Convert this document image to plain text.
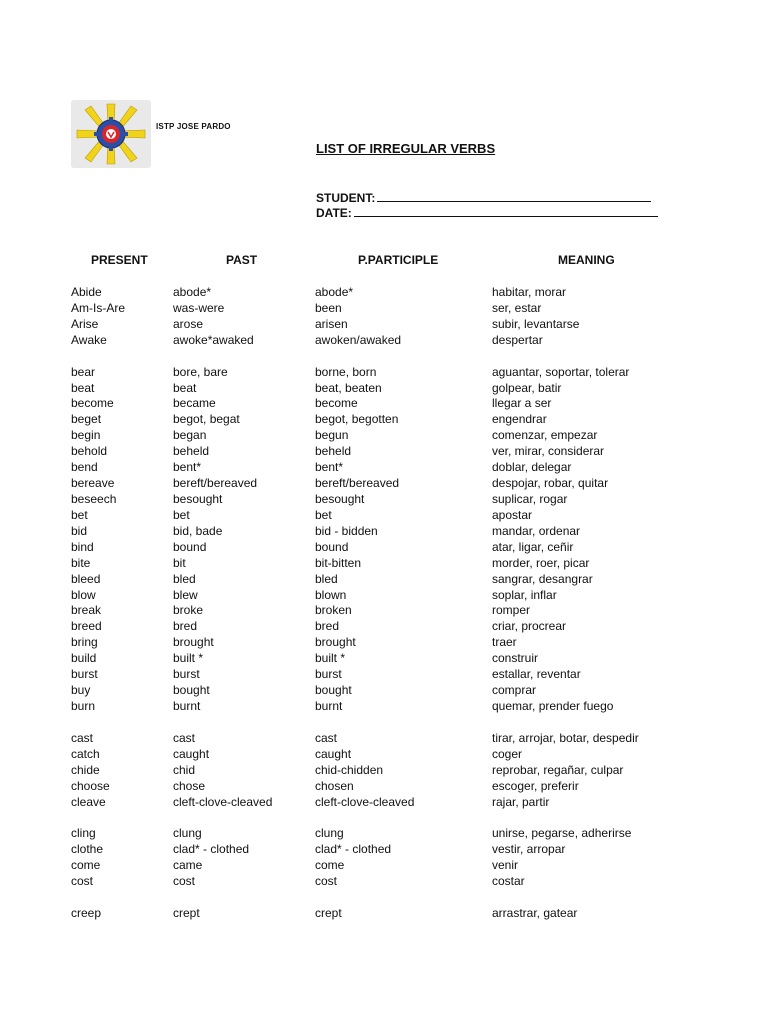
ISTP JOSE PARDO
LIST OF IRREGULAR VERBS
STUDENT:
DATE:
PRESENT	PAST	P.PARTICIPLE	MEANING
Abide	abode*	abode*	habitar, morar
Am-Is-Are	was-were	been	ser, estar
Arise	arose	arisen	subir, levantarse
Awake	awoke*awaked	awoken/awaked	despertar
bear	bore, bare	borne, born	aguantar, soportar, tolerar
beat	beat	beat, beaten	golpear, batir
become	became	become	llegar a ser
beget	begot, begat	begot, begotten	engendrar
begin	began	begun	comenzar, empezar
behold	beheld	beheld	ver, mirar, considerar
bend	bent*	bent*	doblar, delegar
bereave	bereft/bereaved	bereft/bereaved	despojar, robar, quitar
beseech	besought	besought	suplicar, rogar
bet	bet	bet	apostar
bid	bid, bade	bid - bidden	mandar, ordenar
bind	bound	bound	atar, ligar, ceñir
bite	bit	bit-bitten	morder, roer, picar
bleed	bled	bled	sangrar, desangrar
blow	blew	blown	soplar, inflar
break	broke	broken	romper
breed	bred	bred	criar, procrear
bring	brought	brought	traer
build	built *	built *	construir
burst	burst	burst	estallar, reventar
buy	bought	bought	comprar
burn	burnt	burnt	quemar, prender fuego
cast	cast	cast	tirar, arrojar, botar, despedir
catch	caught	caught	coger
chide	chid	chid-chidden	reprobar, regañar, culpar
choose	chose	chosen	escoger, preferir
cleave	cleft-clove-cleaved	cleft-clove-cleaved	rajar, partir
cling	clung	clung	unirse, pegarse, adherirse
clothe	clad* - clothed	clad* - clothed	vestir, arropar
come	came	come	venir
cost	cost	cost	costar
creep	crept	crept	arrastrar, gatear
